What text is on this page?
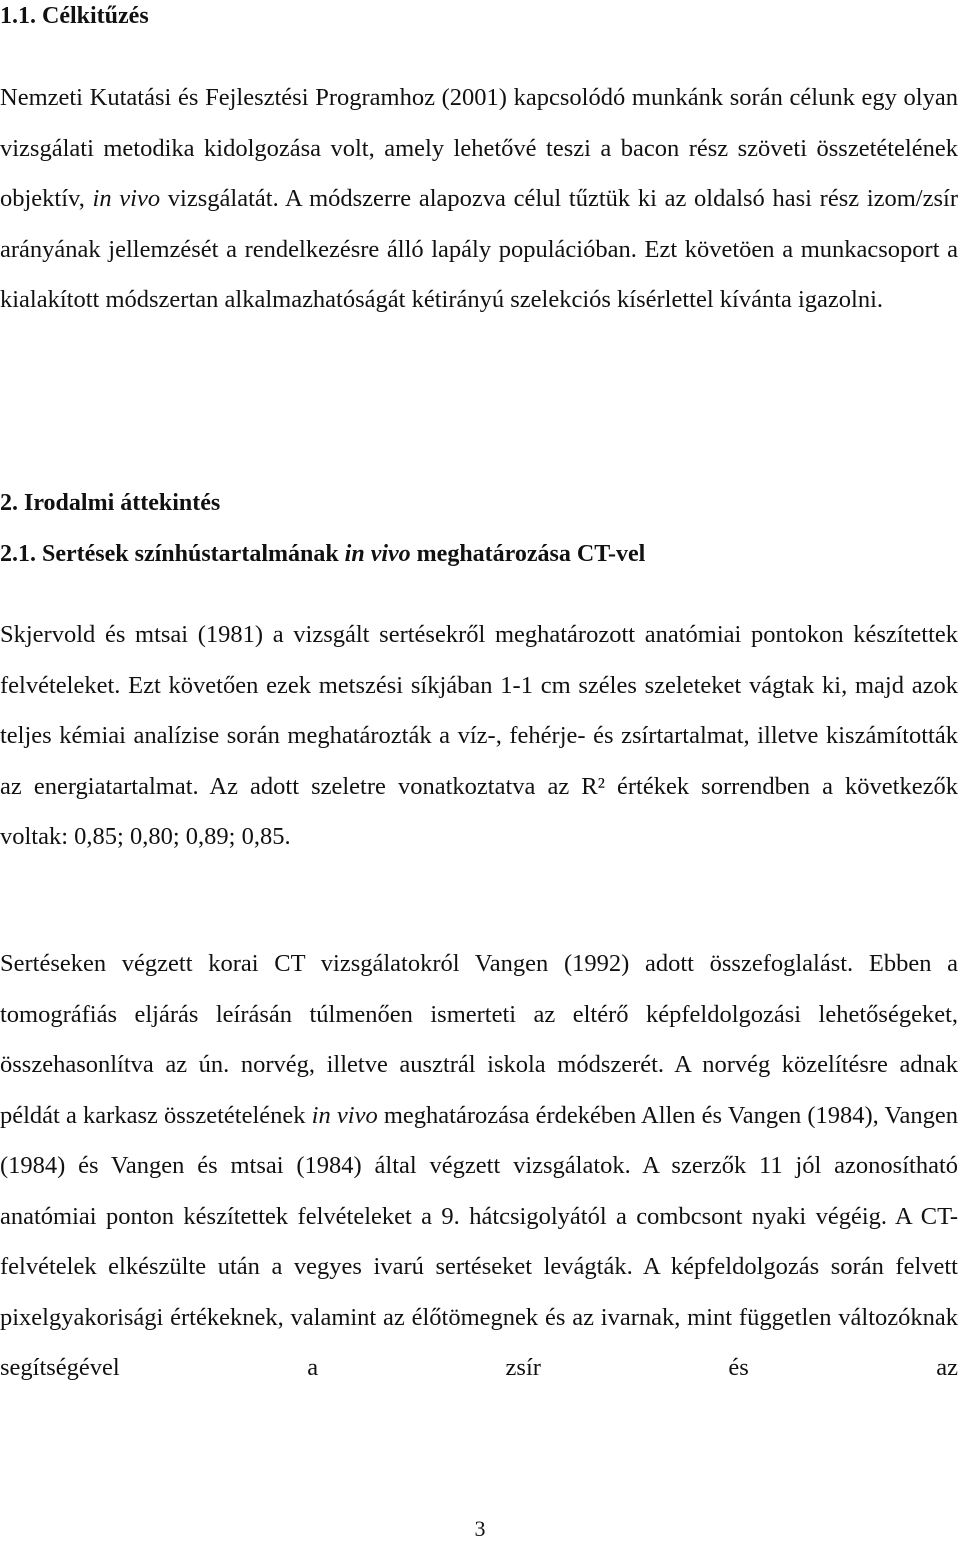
1.1. Célkitűzés

Nemzeti Kutatási és Fejlesztési Programhoz (2001) kapcsolódó munkánk során célunk egy olyan vizsgálati metodika kidolgozása volt, amely lehetővé teszi a bacon rész szöveti összetételének objektív, in vivo vizsgálatát. A módszerre alapozva célul tűztük ki az oldalsó hasi rész izom/zsír arányának jellemzését a rendelkezésre álló lapály populációban. Ezt követöen a munkacsoport a kialakított módszertan alkalmazhatóságát kétirányú szelekciós kísérlettel kívánta igazolni.

2. Irodalmi áttekintés
2.1. Sertések színhústartalmának in vivo meghatározása CT-vel

Skjervold és mtsai (1981) a vizsgált sertésekről meghatározott anatómiai pontokon készítettek felvételeket. Ezt követően ezek metszési síkjában 1-1 cm széles szeleteket vágtak ki, majd azok teljes kémiai analízise során meghatározták a víz-, fehérje- és zsírtartalmat, illetve kiszámították az energiatartalmat. Az adott szeletre vonatkoztatva az R² értékek sorrendben a következők voltak: 0,85; 0,80; 0,89; 0,85.

Sertéseken végzett korai CT vizsgálatokról Vangen (1992) adott összefoglalást. Ebben a tomográfiás eljárás leírásán túlmenően ismerteti az eltérő képfeldolgozási lehetőségeket, összehasonlítva az ún. norvég, illetve ausztrál iskola módszerét. A norvég közelítésre adnak példát a karkasz összetételének in vivo meghatározása érdekében Allen és Vangen (1984), Vangen (1984) és Vangen és mtsai (1984) által végzett vizsgálatok. A szerzők 11 jól azonosítható anatómiai ponton készítettek felvételeket a 9. hátcsigolyától a combcsont nyaki végéig. A CT-felvételek elkészülte után a vegyes ivarú sertéseket levágták. A képfeldolgozás során felvett pixelgyakorisági értékeknek, valamint az élőtömegnek és az ivarnak, mint független változóknak segítségével a zsír és az

3
